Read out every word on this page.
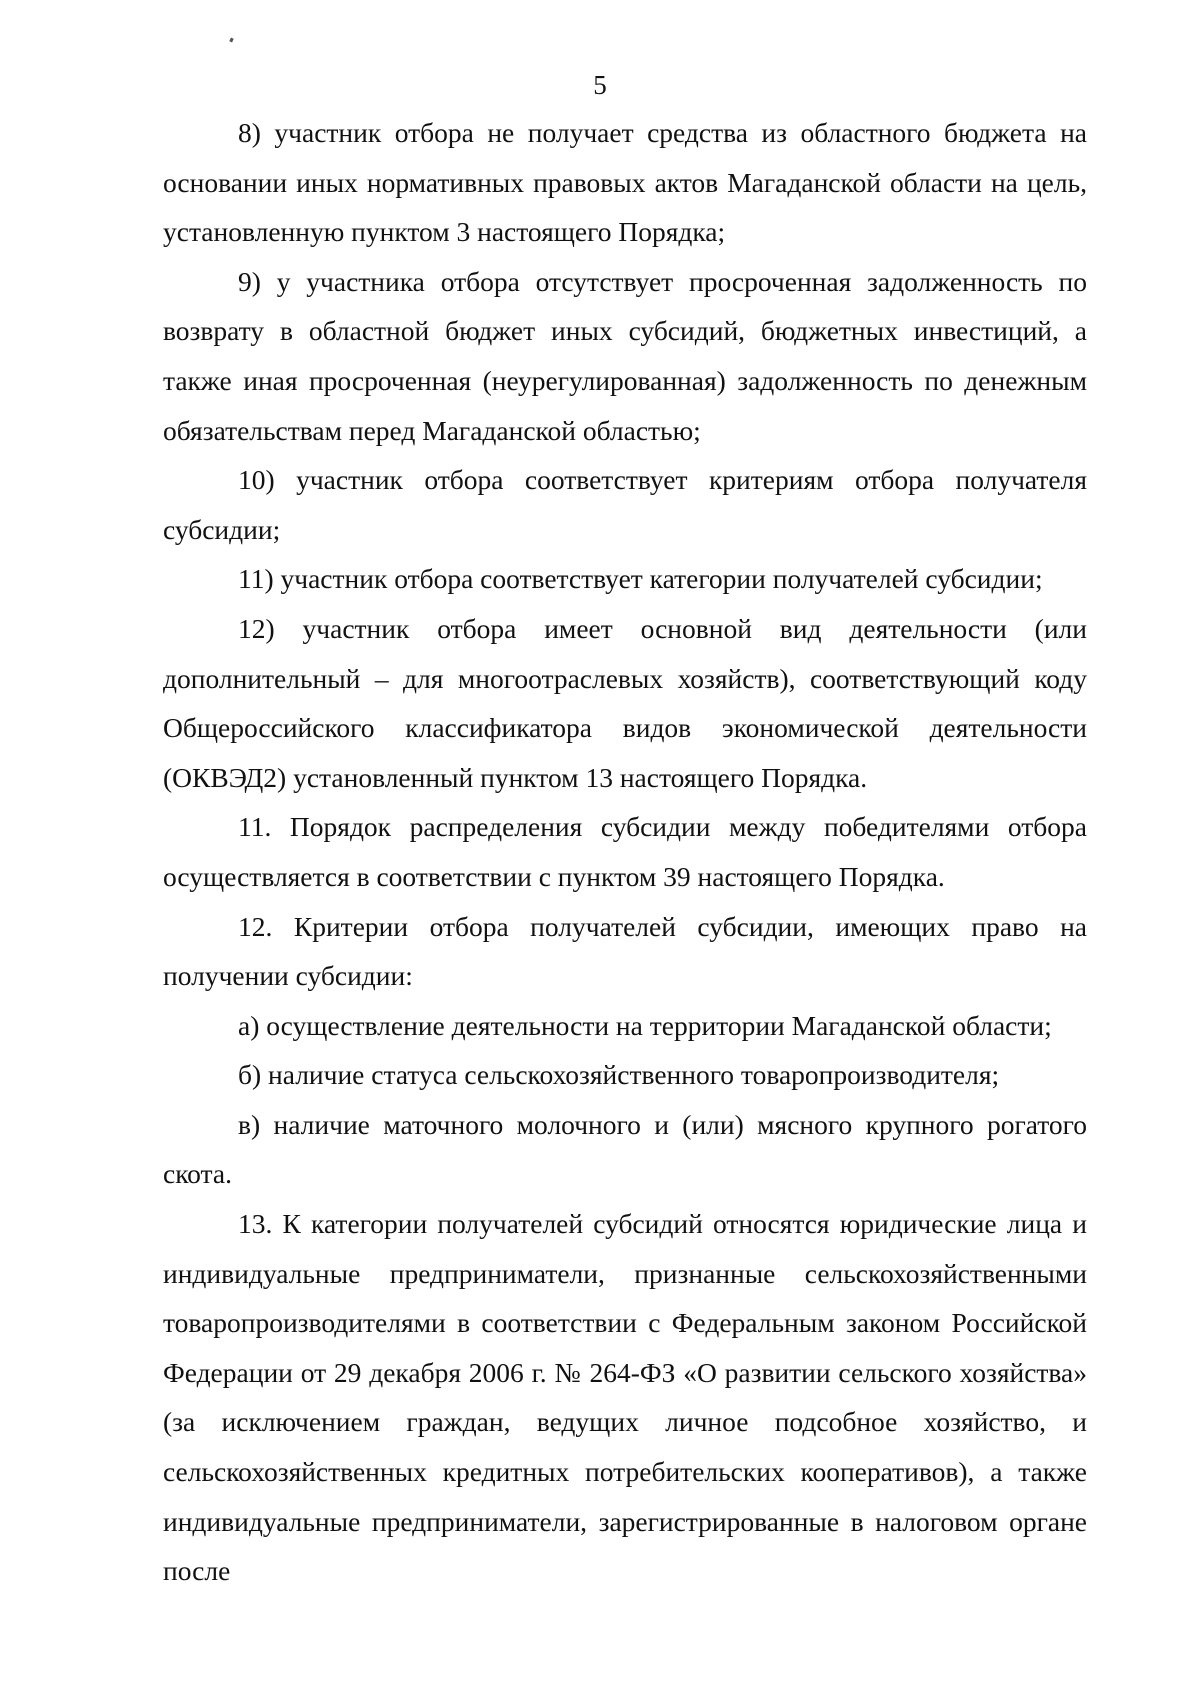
5

8) участник отбора не получает средства из областного бюджета на основании иных нормативных правовых актов Магаданской области на цель, установленную пунктом 3 настоящего Порядка;

9) у участника отбора отсутствует просроченная задолженность по возврату в областной бюджет иных субсидий, бюджетных инвестиций, а также иная просроченная (неурегулированная) задолженность по денежным обязательствам перед Магаданской областью;

10) участник отбора соответствует критериям отбора получателя субсидии;

11) участник отбора соответствует категории получателей субсидии;

12) участник отбора имеет основной вид деятельности (или дополнительный – для многоотраслевых хозяйств), соответствующий коду Общероссийского классификатора видов экономической деятельности (ОКВЭД2) установленный пунктом 13 настоящего Порядка.

11. Порядок распределения субсидии между победителями отбора осуществляется в соответствии с пунктом 39 настоящего Порядка.

12. Критерии отбора получателей субсидии, имеющих право на получении субсидии:

а) осуществление деятельности на территории Магаданской области;

б) наличие статуса сельскохозяйственного товаропроизводителя;

в) наличие маточного молочного и (или) мясного крупного рогатого скота.

13. К категории получателей субсидий относятся юридические лица и индивидуальные предприниматели, признанные сельскохозяйственными товаропроизводителями в соответствии с Федеральным законом Российской Федерации от 29 декабря 2006 г. № 264-ФЗ «О развитии сельского хозяйства» (за исключением граждан, ведущих личное подсобное хозяйство, и сельскохозяйственных кредитных потребительских кооперативов), а также индивидуальные предприниматели, зарегистрированные в налоговом органе после
